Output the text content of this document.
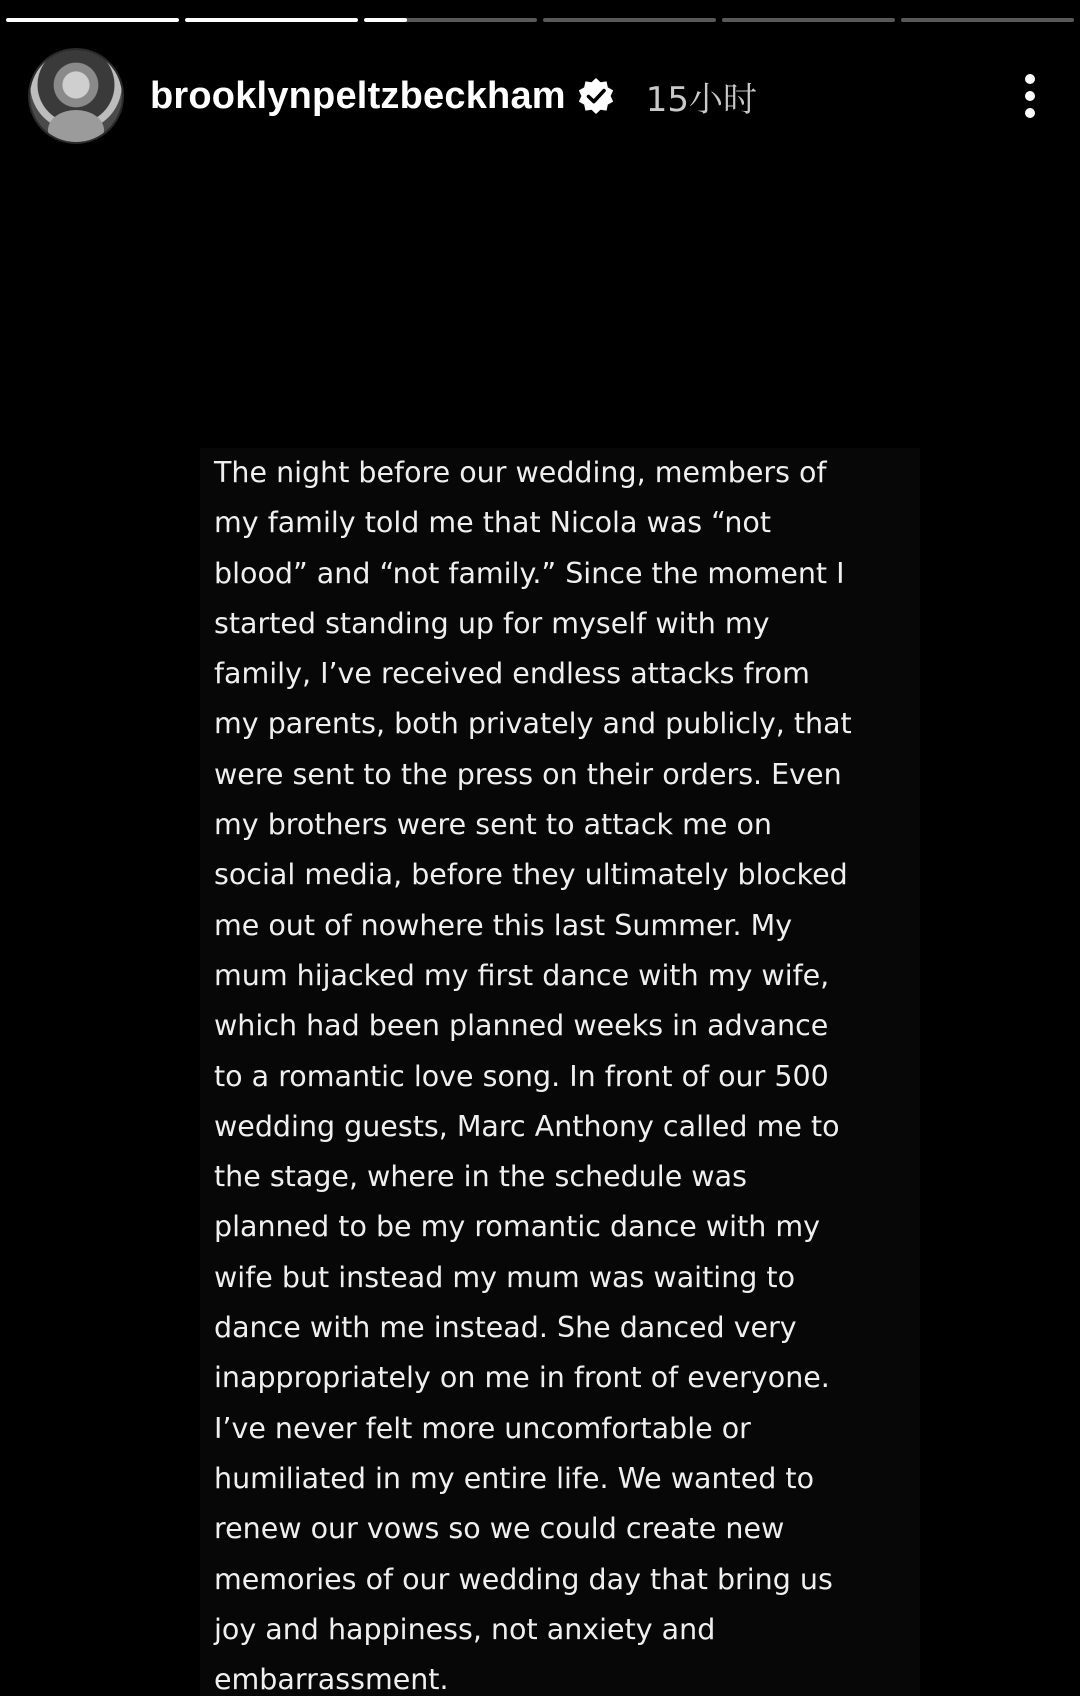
brooklynpeltzbeckham 15小时

The night before our wedding, members of
my family told me that Nicola was “not
blood” and “not family.” Since the moment I
started standing up for myself with my
family, I’ve received endless attacks from
my parents, both privately and publicly, that
were sent to the press on their orders. Even
my brothers were sent to attack me on
social media, before they ultimately blocked
me out of nowhere this last Summer. My
mum hijacked my first dance with my wife,
which had been planned weeks in advance
to a romantic love song. In front of our 500
wedding guests, Marc Anthony called me to
the stage, where in the schedule was
planned to be my romantic dance with my
wife but instead my mum was waiting to
dance with me instead. She danced very
inappropriately on me in front of everyone.
I’ve never felt more uncomfortable or
humiliated in my entire life. We wanted to
renew our vows so we could create new
memories of our wedding day that bring us
joy and happiness, not anxiety and
embarrassment.
